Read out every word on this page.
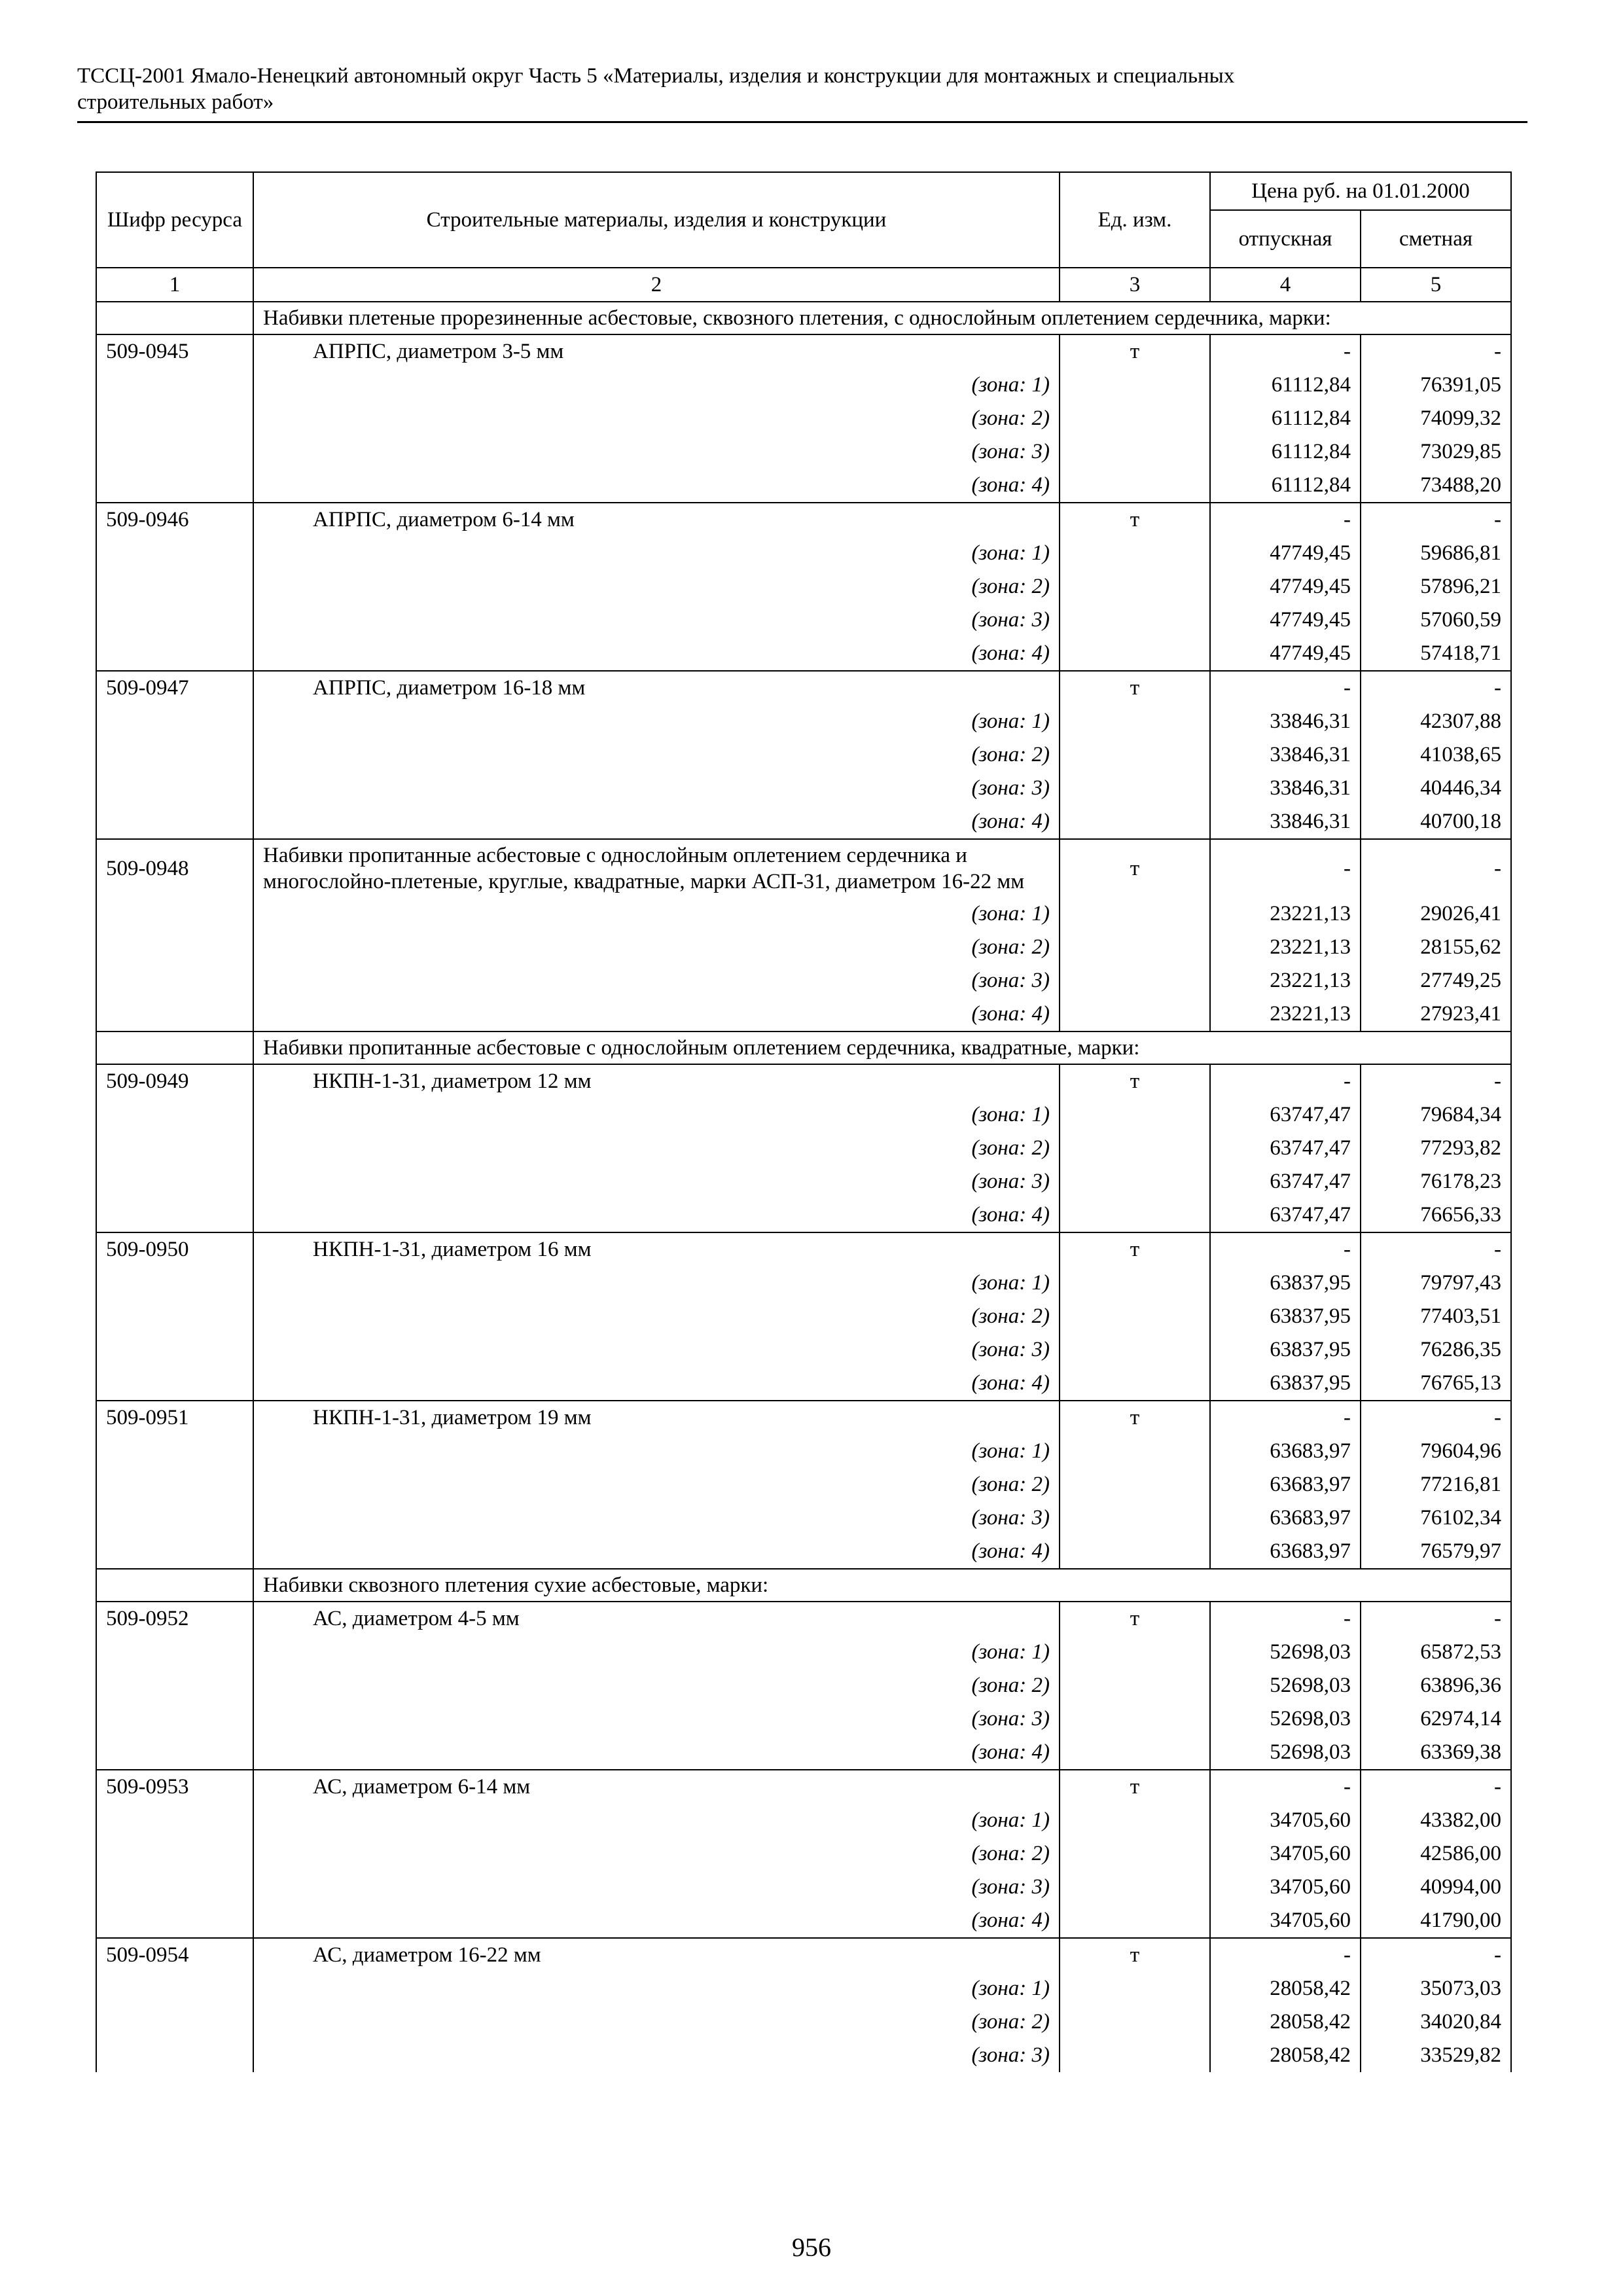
ТССЦ-2001 Ямало-Ненецкий автономный округ Часть 5 «Материалы, изделия и конструкции для монтажных и специальных
строительных работ»
Шифр ресурса	Строительные материалы, изделия и конструкции	Ед. изм.	Цена руб. на 01.01.2000	
			отпускная	сметная
1	2	3	4	5
	Набивки плетеные прорезиненные асбестовые, сквозного плетения, с однослойным оплетением сердечника, марки:			
509-0945	АПРПС, диаметром 3-5 мм	т	-	-
	(зона: 1)		61112,84	76391,05
	(зона: 2)		61112,84	74099,32
	(зона: 3)		61112,84	73029,85
	(зона: 4)		61112,84	73488,20
509-0946	АПРПС, диаметром 6-14 мм	т	-	-
	(зона: 1)		47749,45	59686,81
	(зона: 2)		47749,45	57896,21
	(зона: 3)		47749,45	57060,59
	(зона: 4)		47749,45	57418,71
509-0947	АПРПС, диаметром 16-18 мм	т	-	-
	(зона: 1)		33846,31	42307,88
	(зона: 2)		33846,31	41038,65
	(зона: 3)		33846,31	40446,34
	(зона: 4)		33846,31	40700,18
509-0948	Набивки пропитанные асбестовые с однослойным оплетением сердечника и многослойно-плетеные, круглые, квадратные, марки АСП-31, диаметром 16-22 мм	т	-	-
	(зона: 1)		23221,13	29026,41
	(зона: 2)		23221,13	28155,62
	(зона: 3)		23221,13	27749,25
	(зона: 4)		23221,13	27923,41
	Набивки пропитанные асбестовые с однослойным оплетением сердечника, квадратные, марки:			
509-0949	НКПН-1-31, диаметром 12 мм	т	-	-
	(зона: 1)		63747,47	79684,34
	(зона: 2)		63747,47	77293,82
	(зона: 3)		63747,47	76178,23
	(зона: 4)		63747,47	76656,33
509-0950	НКПН-1-31, диаметром 16 мм	т	-	-
	(зона: 1)		63837,95	79797,43
	(зона: 2)		63837,95	77403,51
	(зона: 3)		63837,95	76286,35
	(зона: 4)		63837,95	76765,13
509-0951	НКПН-1-31, диаметром 19 мм	т	-	-
	(зона: 1)		63683,97	79604,96
	(зона: 2)		63683,97	77216,81
	(зона: 3)		63683,97	76102,34
	(зона: 4)		63683,97	76579,97
	Набивки сквозного плетения сухие асбестовые, марки:			
509-0952	АС, диаметром 4-5 мм	т	-	-
	(зона: 1)		52698,03	65872,53
	(зона: 2)		52698,03	63896,36
	(зона: 3)		52698,03	62974,14
	(зона: 4)		52698,03	63369,38
509-0953	АС, диаметром 6-14 мм	т	-	-
	(зона: 1)		34705,60	43382,00
	(зона: 2)		34705,60	42586,00
	(зона: 3)		34705,60	40994,00
	(зона: 4)		34705,60	41790,00
509-0954	АС, диаметром 16-22 мм	т	-	-
	(зона: 1)		28058,42	35073,03
	(зона: 2)		28058,42	34020,84
	(зона: 3)		28058,42	33529,82
956
